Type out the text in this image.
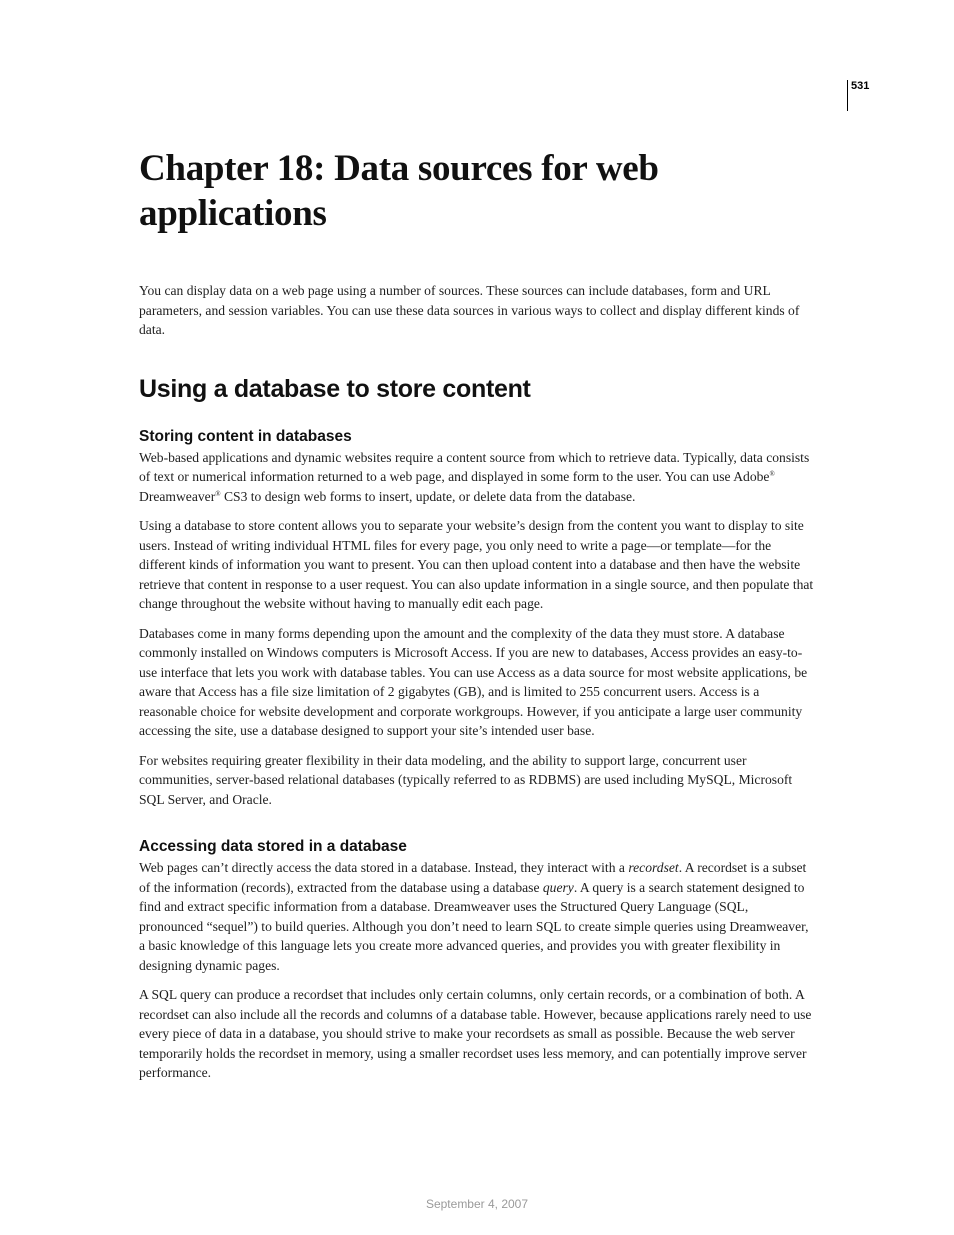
531
Chapter 18: Data sources for web
applications

You can display data on a web page using a number of sources. These sources can include databases, form and URL parameters, and session variables. You can use these data sources in various ways to collect and display different kinds of data.

Using a database to store content
Storing content in databases

Web-based applications and dynamic websites require a content source from which to retrieve data. Typically, data consists of text or numerical information returned to a web page, and displayed in some form to the user. You can use Adobe® Dreamweaver® CS3 to design web forms to insert, update, or delete data from the database.

Using a database to store content allows you to separate your website’s design from the content you want to display to site users. Instead of writing individual HTML files for every page, you only need to write a page—or template—for the different kinds of information you want to present. You can then upload content into a database and then have the website retrieve that content in response to a user request. You can also update information in a single source, and then populate that change throughout the website without having to manually edit each page.

Databases come in many forms depending upon the amount and the complexity of the data they must store. A database commonly installed on Windows computers is Microsoft Access. If you are new to databases, Access provides an easy-to-use interface that lets you work with database tables. You can use Access as a data source for most website applications, be aware that Access has a file size limitation of 2 gigabytes (GB), and is limited to 255 concurrent users. Access is a reasonable choice for website development and corporate workgroups. However, if you anticipate a large user community accessing the site, use a database designed to support your site’s intended user base.

For websites requiring greater flexibility in their data modeling, and the ability to support large, concurrent user communities, server-based relational databases (typically referred to as RDBMS) are used including MySQL, Microsoft SQL Server, and Oracle.

Accessing data stored in a database

Web pages can’t directly access the data stored in a database. Instead, they interact with a recordset. A recordset is a subset of the information (records), extracted from the database using a database query. A query is a search statement designed to find and extract specific information from a database. Dreamweaver uses the Structured Query Language (SQL, pronounced “sequel”) to build queries. Although you don’t need to learn SQL to create simple queries using Dreamweaver, a basic knowledge of this language lets you create more advanced queries, and provides you with greater flexibility in designing dynamic pages.

A SQL query can produce a recordset that includes only certain columns, only certain records, or a combination of both. A recordset can also include all the records and columns of a database table. However, because applications rarely need to use every piece of data in a database, you should strive to make your recordsets as small as possible. Because the web server temporarily holds the recordset in memory, using a smaller recordset uses less memory, and can potentially improve server performance.

September 4, 2007
